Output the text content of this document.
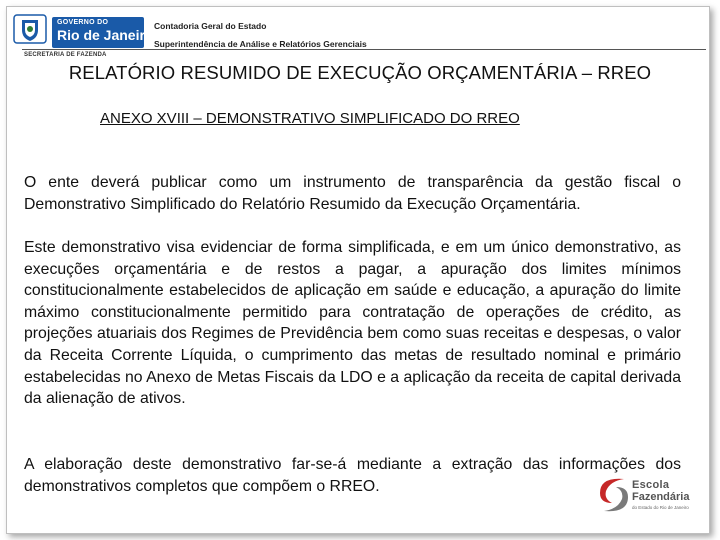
GOVERNO DO
Rio de Janeiro
SECRETARIA DE FAZENDA
Contadoria Geral do Estado
Superintendência de Análise e Relatórios Gerenciais
RELATÓRIO RESUMIDO DE EXECUÇÃO ORÇAMENTÁRIA – RREO
ANEXO XVIII – DEMONSTRATIVO SIMPLIFICADO DO RREO

O ente deverá publicar como um instrumento de transparência da gestão fiscal o Demonstrativo Simplificado do Relatório Resumido da Execução Orçamentária.

Este demonstrativo visa evidenciar de forma simplificada, e em um único demonstrativo, as execuções orçamentária e de restos a pagar, a apuração dos limites mínimos constitucionalmente estabelecidos de aplicação em saúde e educação, a apuração do limite máximo constitucionalmente permitido para contratação de operações de crédito, as projeções atuariais dos Regimes de Previdência bem como suas receitas e despesas, o valor da Receita Corrente Líquida, o cumprimento das metas de resultado nominal e primário estabelecidas no Anexo de Metas Fiscais da LDO e a aplicação da receita de capital derivada da alienação de ativos.

A elaboração deste demonstrativo far-se-á mediante a extração das informações dos demonstrativos completos que compõem o RREO.	Escola
Fazendária
do Estado do Rio de Janeiro
